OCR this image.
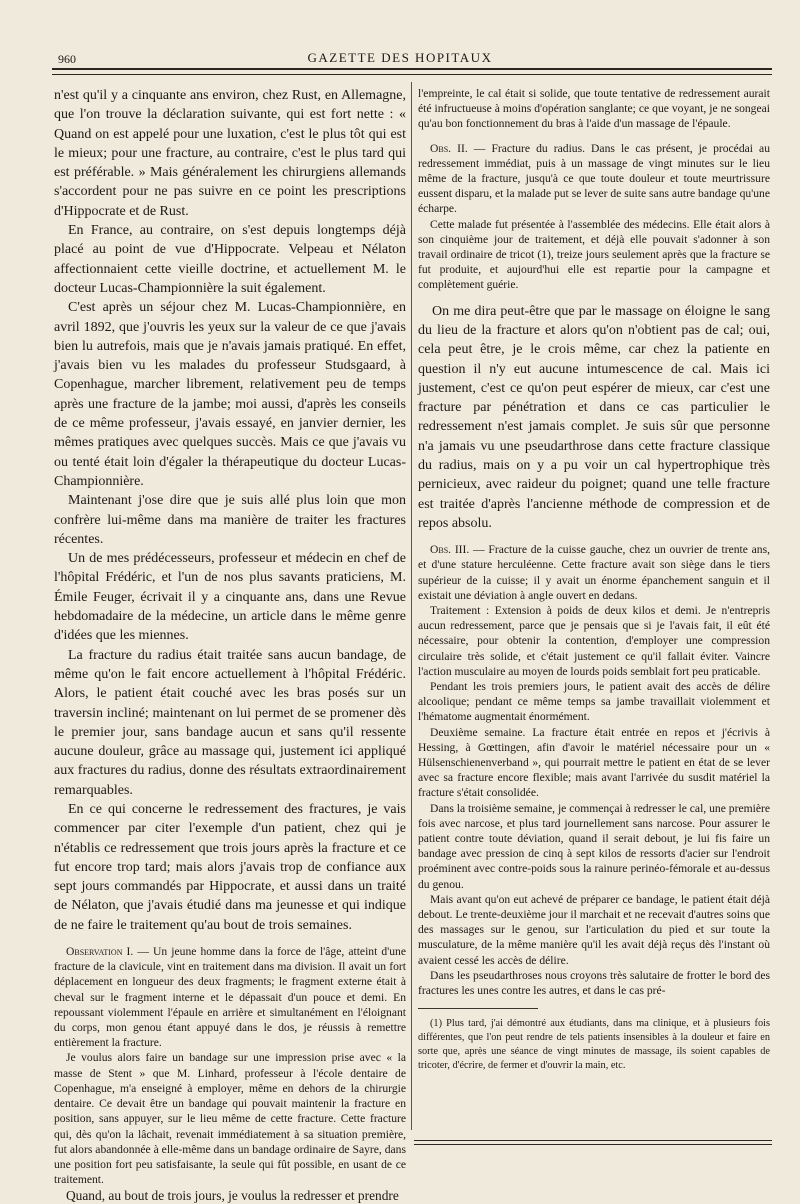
960	GAZETTE DES HOPITAUX

n'est qu'il y a cinquante ans environ, chez Rust, en Allemagne, que l'on trouve la déclaration suivante, qui est fort nette : « Quand on est appelé pour une luxation, c'est le plus tôt qui est le mieux; pour une fracture, au contraire, c'est le plus tard qui est préférable. » Mais généralement les chirurgiens allemands s'accordent pour ne pas suivre en ce point les prescriptions d'Hippocrate et de Rust.

En France, au contraire, on s'est depuis longtemps déjà placé au point de vue d'Hippocrate. Velpeau et Nélaton affectionnaient cette vieille doctrine, et actuellement M. le docteur Lucas-Championnière la suit également.

C'est après un séjour chez M. Lucas-Championnière, en avril 1892, que j'ouvris les yeux sur la valeur de ce que j'avais bien lu autrefois, mais que je n'avais jamais pratiqué. En effet, j'avais bien vu les malades du professeur Studsgaard, à Copenhague, marcher librement, relativement peu de temps après une fracture de la jambe; moi aussi, d'après les conseils de ce même professeur, j'avais essayé, en janvier dernier, les mêmes pratiques avec quelques succès. Mais ce que j'avais vu ou tenté était loin d'égaler la thérapeutique du docteur Lucas-Championnière.

Maintenant j'ose dire que je suis allé plus loin que mon confrère lui-même dans ma manière de traiter les fractures récentes.

Un de mes prédécesseurs, professeur et médecin en chef de l'hôpital Frédéric, et l'un de nos plus savants praticiens, M. Émile Feuger, écrivait il y a cinquante ans, dans une Revue hebdomadaire de la médecine, un article dans le même genre d'idées que les miennes.

La fracture du radius était traitée sans aucun bandage, de même qu'on le fait encore actuellement à l'hôpital Frédéric. Alors, le patient était couché avec les bras posés sur un traversin incliné; maintenant on lui permet de se promener dès le premier jour, sans bandage aucun et sans qu'il ressente aucune douleur, grâce au massage qui, justement ici appliqué aux fractures du radius, donne des résultats extraordinairement remarquables.

En ce qui concerne le redressement des fractures, je vais commencer par citer l'exemple d'un patient, chez qui je n'établis ce redressement que trois jours après la fracture et ce fut encore trop tard; mais alors j'avais trop de confiance aux sept jours commandés par Hippocrate, et aussi dans un traité de Nélaton, que j'avais étudié dans ma jeunesse et qui indique de ne faire le traitement qu'au bout de trois semaines.

Observation I. — Un jeune homme dans la force de l'âge, atteint d'une fracture de la clavicule, vint en traitement dans ma division. Il avait un fort déplacement en longueur des deux fragments; le fragment externe était à cheval sur le fragment interne et le dépassait d'un pouce et demi. En repoussant violemment l'épaule en arrière et simultanément en l'éloignant du corps, mon genou étant appuyé dans le dos, je réussis à remettre entièrement la fracture.

Je voulus alors faire un bandage sur une impression prise avec « la masse de Stent » que M. Linhard, professeur à l'école dentaire de Copenhague, m'a enseigné à employer, même en dehors de la chirurgie dentaire. Ce devait être un bandage qui pouvait maintenir la fracture en position, sans appuyer, sur le lieu même de cette fracture. Cette fracture qui, dès qu'on la lâchait, revenait immédiatement à sa situation première, fut alors abandonnée à elle-même dans un bandage ordinaire de Sayre, dans une position fort peu satisfaisante, la seule qui fût possible, en usant de ce traitement.

Quand, au bout de trois jours, je voulus la redresser et prendre

l'empreinte, le cal était si solide, que toute tentative de redressement aurait été infructueuse à moins d'opération sanglante; ce que voyant, je ne songeai qu'au bon fonctionnement du bras à l'aide d'un massage de l'épaule.

Obs. II. — Fracture du radius. Dans le cas présent, je procédai au redressement immédiat, puis à un massage de vingt minutes sur le lieu même de la fracture, jusqu'à ce que toute douleur et toute meurtrissure eussent disparu, et la malade put se lever de suite sans autre bandage qu'une écharpe.

Cette malade fut présentée à l'assemblée des médecins. Elle était alors à son cinquième jour de traitement, et déjà elle pouvait s'adonner à son travail ordinaire de tricot (1), treize jours seulement après que la fracture se fut produite, et aujourd'hui elle est repartie pour la campagne et complètement guérie.

On me dira peut-être que par le massage on éloigne le sang du lieu de la fracture et alors qu'on n'obtient pas de cal; oui, cela peut être, je le crois même, car chez la patiente en question il n'y eut aucune intumescence de cal. Mais ici justement, c'est ce qu'on peut espérer de mieux, car c'est une fracture par pénétration et dans ce cas particulier le redressement n'est jamais complet. Je suis sûr que personne n'a jamais vu une pseudarthrose dans cette fracture classique du radius, mais on y a pu voir un cal hypertrophique très pernicieux, avec raideur du poignet; quand une telle fracture est traitée d'après l'ancienne méthode de compression et de repos absolu.

Obs. III. — Fracture de la cuisse gauche, chez un ouvrier de trente ans, et d'une stature herculéenne. Cette fracture avait son siège dans le tiers supérieur de la cuisse; il y avait un énorme épanchement sanguin et il existait une déviation à angle ouvert en dedans.

Traitement : Extension à poids de deux kilos et demi. Je n'entrepris aucun redressement, parce que je pensais que si je l'avais fait, il eût été nécessaire, pour obtenir la contention, d'employer une compression circulaire très solide, et c'était justement ce qu'il fallait éviter. Vaincre l'action musculaire au moyen de lourds poids semblait fort peu praticable.

Pendant les trois premiers jours, le patient avait des accès de délire alcoolique; pendant ce même temps sa jambe travaillait violemment et l'hématome augmentait énormément.

Deuxième semaine. La fracture était entrée en repos et j'écrivis à Hessing, à Gœttingen, afin d'avoir le matériel nécessaire pour un « Hülsenschienenverband », qui pourrait mettre le patient en état de se lever avec sa fracture encore flexible; mais avant l'arrivée du susdit matériel la fracture s'était consolidée.

Dans la troisième semaine, je commençai à redresser le cal, une première fois avec narcose, et plus tard journellement sans narcose. Pour assurer le patient contre toute déviation, quand il serait debout, je lui fis faire un bandage avec pression de cinq à sept kilos de ressorts d'acier sur l'endroit proéminent avec contre-poids sous la rainure perinéo-fémorale et au-dessus du genou.

Mais avant qu'on eut achevé de préparer ce bandage, le patient était déjà debout. Le trente-deuxième jour il marchait et ne recevait d'autres soins que des massages sur le genou, sur l'articulation du pied et sur toute la musculature, de la même manière qu'il les avait déjà reçus dès l'instant où avaient cessé les accès de délire.

Dans les pseudarthroses nous croyons très salutaire de frotter le bord des fractures les unes contre les autres, et dans le cas pré-

(1) Plus tard, j'ai démontré aux étudiants, dans ma clinique, et à plusieurs fois différentes, que l'on peut rendre de tels patients insensibles à la douleur et faire en sorte que, après une séance de vingt minutes de massage, ils soient capables de tricoter, d'écrire, de fermer et d'ouvrir la main, etc.
